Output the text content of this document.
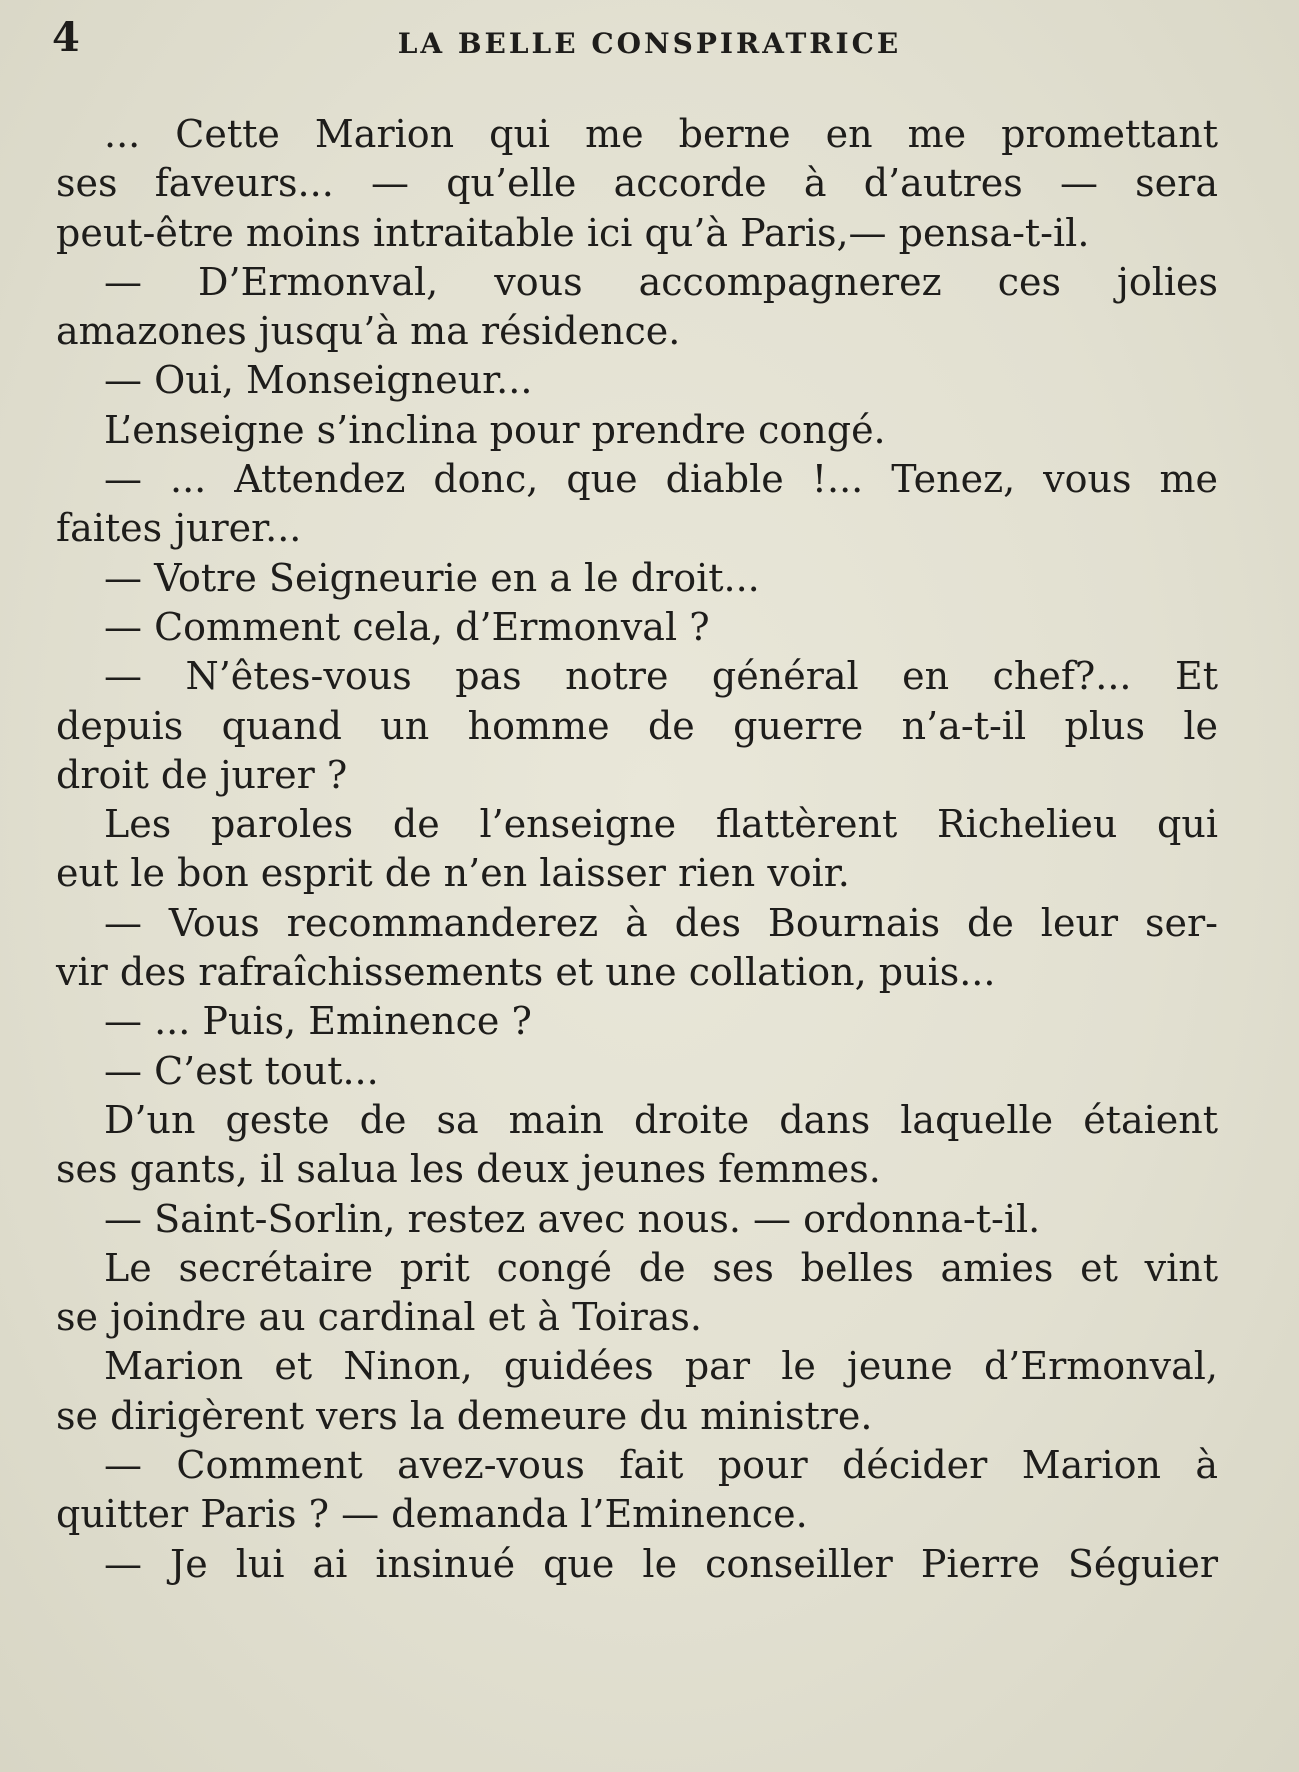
4	LA BELLE CONSPIRATRICE
... Cette Marion qui me berne en me promettant
ses faveurs... — qu’elle accorde à d’autres — sera
peut-être moins intraitable ici qu’à Paris,— pensa-t-il.
— D’Ermonval, vous accompagnerez ces jolies
amazones jusqu’à ma résidence.
— Oui, Monseigneur...
L’enseigne s’inclina pour prendre congé.
— ... Attendez donc, que diable !... Tenez, vous me
faites jurer...
— Votre Seigneurie en a le droit...
— Comment cela, d’Ermonval ?
— N’êtes-vous pas notre général en chef?... Et
depuis quand un homme de guerre n’a-t-il plus le
droit de jurer ?
Les paroles de l’enseigne flattèrent Richelieu qui
eut le bon esprit de n’en laisser rien voir.
— Vous recommanderez à des Bournais de leur ser-
vir des rafraîchissements et une collation, puis...
— ... Puis, Eminence ?
— C’est tout...
D’un geste de sa main droite dans laquelle étaient
ses gants, il salua les deux jeunes femmes.
— Saint-Sorlin, restez avec nous. — ordonna-t-il.
Le secrétaire prit congé de ses belles amies et vint
se joindre au cardinal et à Toiras.
Marion et Ninon, guidées par le jeune d’Ermonval,
se dirigèrent vers la demeure du ministre.
— Comment avez-vous fait pour décider Marion à
quitter Paris ? — demanda l’Eminence.
— Je lui ai insinué que le conseiller Pierre Séguier
